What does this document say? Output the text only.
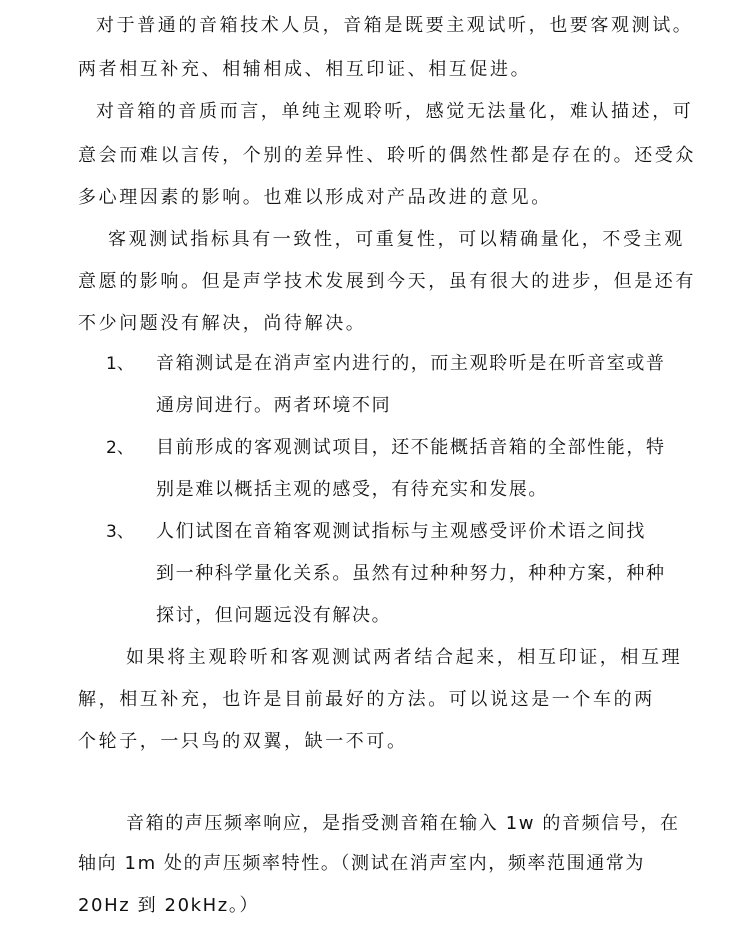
对于普通的音箱技术人员，音箱是既要主观试听，也要客观测试。
两者相互补充、相辅相成、相互印证、相互促进。
对音箱的音质而言，单纯主观聆听，感觉无法量化，难认描述，可
意会而难以言传，个别的差异性、聆听的偶然性都是存在的。还受众
多心理因素的影响。也难以形成对产品改进的意见。
客观测试指标具有一致性，可重复性，可以精确量化，不受主观
意愿的影响。但是声学技术发展到今天，虽有很大的进步，但是还有
不少问题没有解决，尚待解决。
1、 音箱测试是在消声室内进行的，而主观聆听是在听音室或普
通房间进行。两者环境不同
2、 目前形成的客观测试项目，还不能概括音箱的全部性能，特
别是难以概括主观的感受，有待充实和发展。
3、 人们试图在音箱客观测试指标与主观感受评价术语之间找
到一种科学量化关系。虽然有过种种努力，种种方案，种种
探讨，但问题远没有解决。
如果将主观聆听和客观测试两者结合起来，相互印证，相互理
解，相互补充，也许是目前最好的方法。可以说这是一个车的两
个轮子，一只鸟的双翼，缺一不可。
音箱的声压频率响应，是指受测音箱在输入 1w 的音频信号，在
轴向 1m 处的声压频率特性。（测试在消声室内，频率范围通常为
20Hz 到 20kHz。）
